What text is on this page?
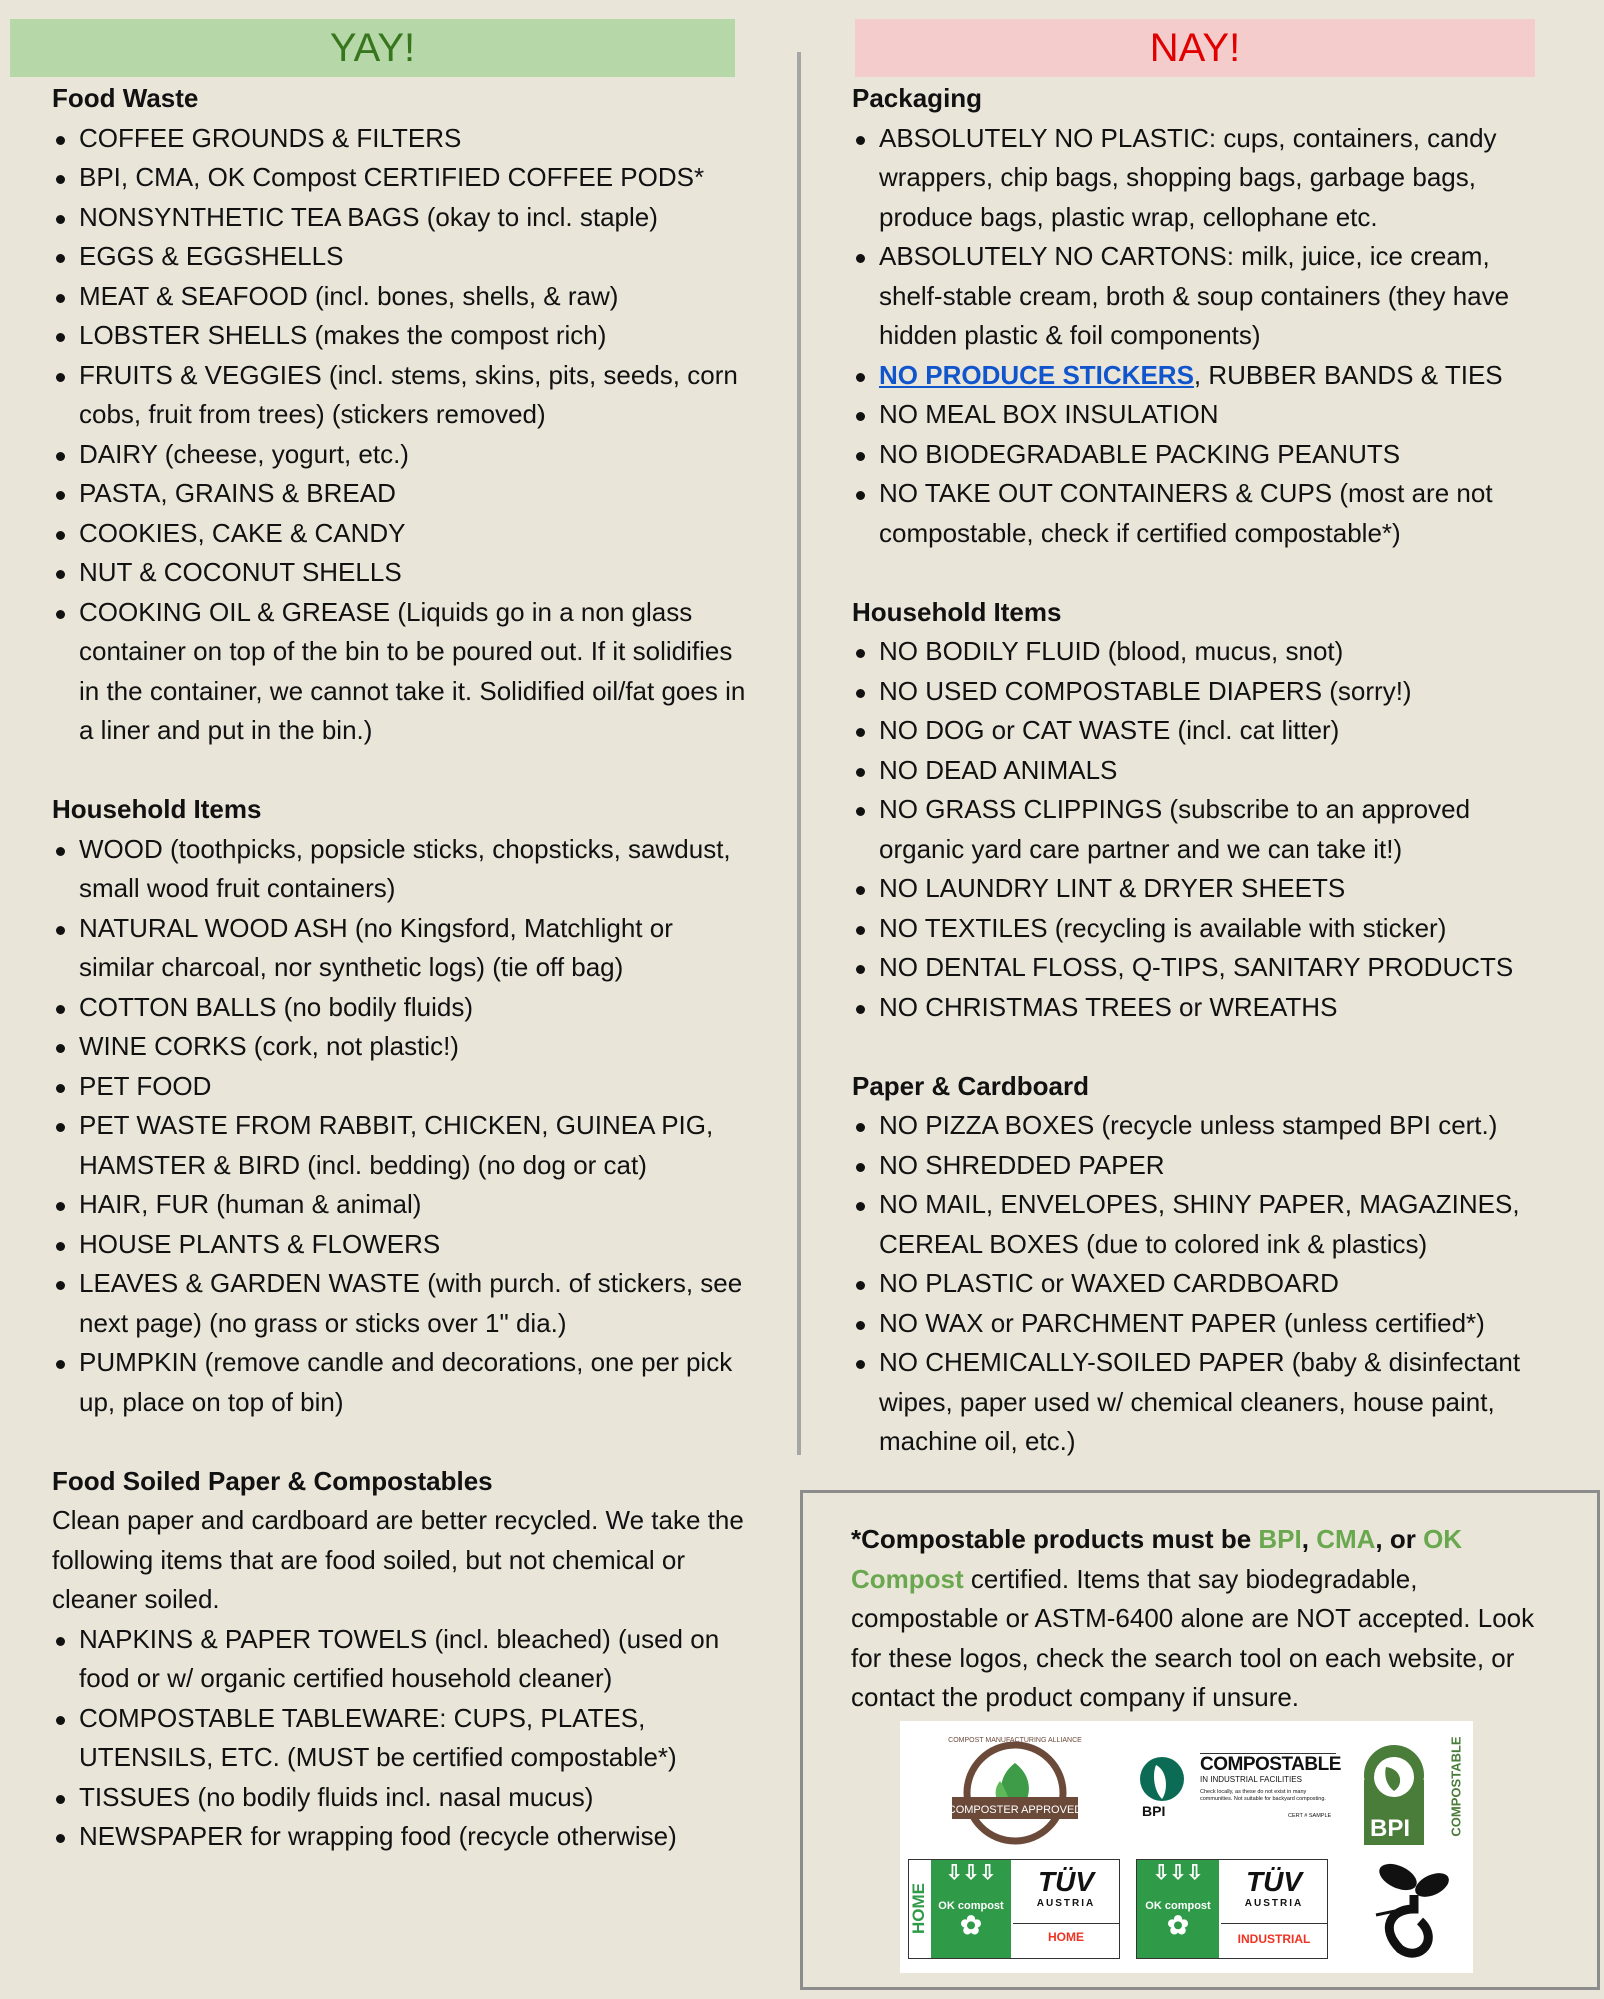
YAY!	NAY!
Food Waste
COFFEE GROUNDS & FILTERS
BPI, CMA, OK Compost CERTIFIED COFFEE PODS*
NONSYNTHETIC TEA BAGS (okay to incl. staple)
EGGS & EGGSHELLS
MEAT & SEAFOOD (incl. bones, shells, & raw)
LOBSTER SHELLS (makes the compost rich)
FRUITS & VEGGIES (incl. stems, skins, pits, seeds, corn cobs, fruit from trees) (stickers removed)
DAIRY (cheese, yogurt, etc.)
PASTA, GRAINS & BREAD
COOKIES, CAKE & CANDY
NUT & COCONUT SHELLS
COOKING OIL & GREASE (Liquids go in a non glass container on top of the bin to be poured out. If it solidifies in the container, we cannot take it. Solidified oil/fat goes in a liner and put in the bin.)
Household Items
WOOD (toothpicks, popsicle sticks, chopsticks, sawdust, small wood fruit containers)
NATURAL WOOD ASH (no Kingsford, Matchlight or similar charcoal, nor synthetic logs) (tie off bag)
COTTON BALLS (no bodily fluids)
WINE CORKS (cork, not plastic!)
PET FOOD
PET WASTE FROM RABBIT, CHICKEN, GUINEA PIG, HAMSTER & BIRD (incl. bedding) (no dog or cat)
HAIR, FUR (human & animal)
HOUSE PLANTS & FLOWERS
LEAVES & GARDEN WASTE (with purch. of stickers, see next page) (no grass or sticks over 1" dia.)
PUMPKIN (remove candle and decorations, one per pick up, place on top of bin)
Food Soiled Paper & Compostables

Clean paper and cardboard are better recycled. We take the following items that are food soiled, but not chemical or cleaner soiled.

NAPKINS & PAPER TOWELS (incl. bleached) (used on food or w/ organic certified household cleaner)
COMPOSTABLE TABLEWARE: CUPS, PLATES, UTENSILS, ETC. (MUST be certified compostable*)
TISSUES (no bodily fluids incl. nasal mucus)
NEWSPAPER for wrapping food (recycle otherwise)
Packaging
ABSOLUTELY NO PLASTIC: cups, containers, candy wrappers, chip bags, shopping bags, garbage bags, produce bags, plastic wrap, cellophane etc.
ABSOLUTELY NO CARTONS: milk, juice, ice cream, shelf-stable cream, broth & soup containers (they have hidden plastic & foil components)
NO PRODUCE STICKERS, RUBBER BANDS & TIES
NO MEAL BOX INSULATION
NO BIODEGRADABLE PACKING PEANUTS
NO TAKE OUT CONTAINERS & CUPS (most are not compostable, check if certified compostable*)
Household Items
NO BODILY FLUID (blood, mucus, snot)
NO USED COMPOSTABLE DIAPERS (sorry!)
NO DOG or CAT WASTE (incl. cat litter)
NO DEAD ANIMALS
NO GRASS CLIPPINGS (subscribe to an approved organic yard care partner and we can take it!)
NO LAUNDRY LINT & DRYER SHEETS
NO TEXTILES (recycling is available with sticker)
NO DENTAL FLOSS, Q-TIPS, SANITARY PRODUCTS
NO CHRISTMAS TREES or WREATHS
Paper & Cardboard
NO PIZZA BOXES (recycle unless stamped BPI cert.)
NO SHREDDED PAPER
NO MAIL, ENVELOPES, SHINY PAPER, MAGAZINES, CEREAL BOXES (due to colored ink & plastics)
NO PLASTIC or WAXED CARDBOARD
NO WAX or PARCHMENT PAPER (unless certified*)
NO CHEMICALLY-SOILED PAPER (baby & disinfectant wipes, paper used w/ chemical cleaners, house paint, machine oil, etc.)
*Compostable products must be BPI, CMA, or OK Compost certified. Items that say biodegradable, compostable or ASTM-6400 alone are NOT accepted. Look for these logos, check the search tool on each website, or contact the product company if unsure.
COMPOSTER APPROVED
COMPOST MANUFACTURING ALLIANCE
BPI
COMPOSTABLE
IN INDUSTRIAL FACILITIES
Check locally, as these do not exist in many communities. Not suitable for backyard composting.
CERT # SAMPLE BPI	COMPOSTABLE
HOME
⇩⇩⇩
OK compost
✿
TÜV
AUSTRIA
HOME
⇩⇩⇩
OK compost
✿
TÜV
AUSTRIA
INDUSTRIAL
